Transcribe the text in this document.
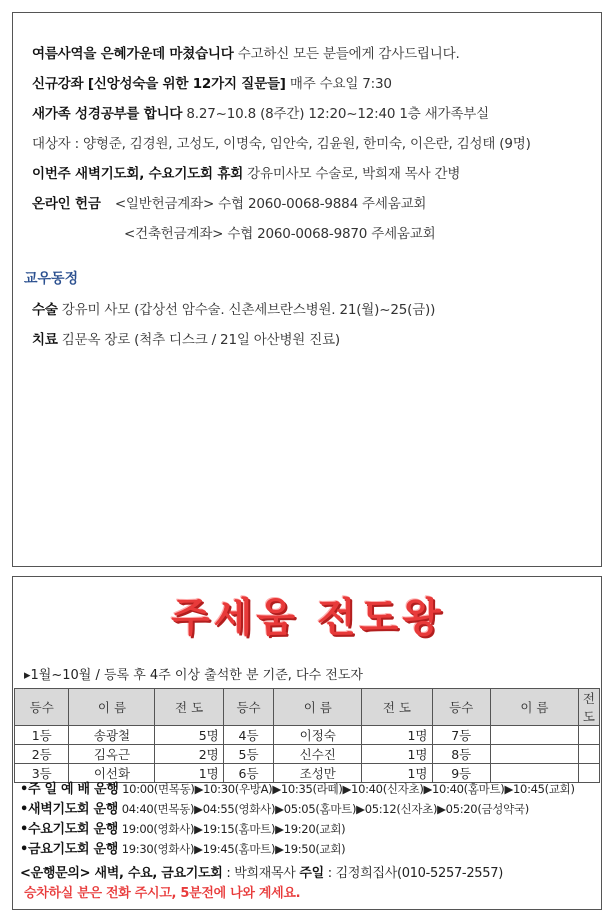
여름사역을 은혜가운데 마쳤습니다 수고하신 모든 분들에게 감사드립니다.
신규강좌 [신앙성숙을 위한 12가지 질문들] 매주 수요일 7:30
새가족 성경공부를 합니다 8.27~10.8 (8주간) 12:20~12:40 1층 새가족부실
대상자 : 양형준, 김경원, 고성도, 이명숙, 임안숙, 김윤원, 한미숙, 이은란, 김성태 (9명)
이번주 새벽기도회, 수요기도회 휴회 강유미사모 수술로, 박희재 목사 간병
온라인 헌금 <일반헌금계좌> 수협 2060-0068-9884 주세움교회
<건축헌금계좌> 수협 2060-0068-9870 주세움교회
교우동정
수술 강유미 사모 (갑상선 암수술. 신촌세브란스병원. 21(월)~25(금))
치료 김문옥 장로 (척추 디스크 / 21일 아산병원 진료)
주세움 전도왕
▸1월~10월 / 등록 후 4주 이상 출석한 분 기준, 다수 전도자
등수	이 름	전 도	등수	이 름	전 도	등수	이 름	전 도
1등	송광철	5명	4등	이정숙	1명	7등		
2등	김옥근	2명	5등	신수진	1명	8등		
3등	이선화	1명	6등	조성만	1명	9등		
•주 일 예 배 운행 10:00(면목동)▶10:30(우방A)▶10:35(라떼)▶10:40(신자초)▶10:40(홈마트)▶10:45(교회)
•새벽기도회 운행 04:40(면목동)▶04:55(영화사)▶05:05(홈마트)▶05:12(신자초)▶05:20(금성약국)
•수요기도회 운행 19:00(영화사)▶19:15(홈마트)▶19:20(교회)
•금요기도회 운행 19:30(영화사)▶19:45(홈마트)▶19:50(교회)
<운행문의> 새벽, 수요, 금요기도회 : 박희재목사 주일 : 김정희집사(010-5257-2557)
승차하실 분은 전화 주시고, 5분전에 나와 계세요.
